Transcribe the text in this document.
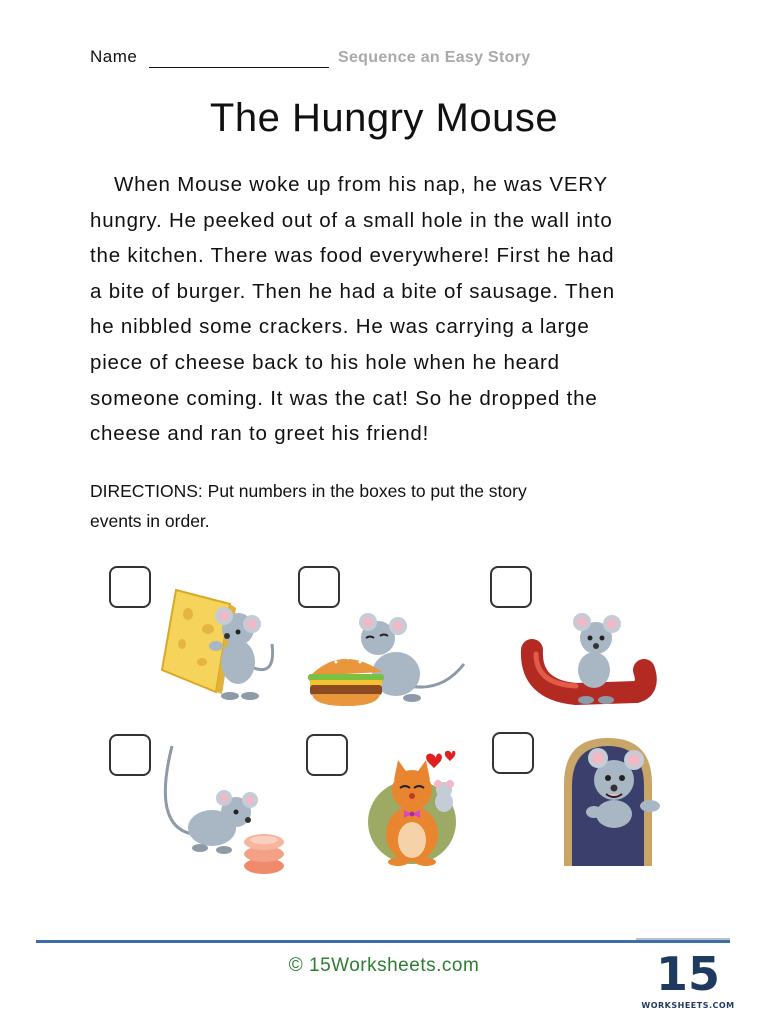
Name	Sequence an Easy Story
The Hungry Mouse
When Mouse woke up from his nap, he was VERY
hungry. He peeked out of a small hole in the wall into
the kitchen. There was food everywhere! First he had
a bite of burger. Then he had a bite of sausage. Then
he nibbled some crackers. He was carrying a large
piece of cheese back to his hole when he heard
someone coming. It was the cat! So he dropped the
cheese and ran to greet his friend!
DIRECTIONS: Put numbers in the boxes to put the story
events in order.
© 15Worksheets.com	15
WORKSHEETS.COM
